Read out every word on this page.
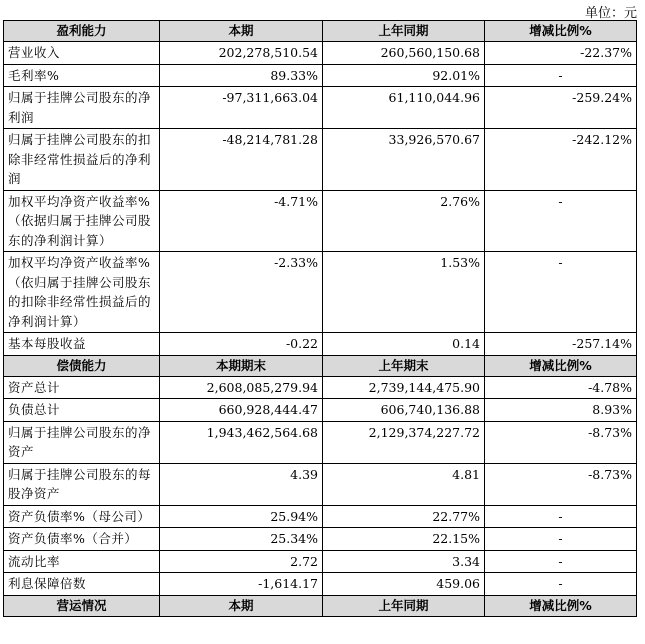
单位：元
盈利能力	本期	上年同期	增减比例%
营业收入	202,278,510.54	260,560,150.68	-22.37%
毛利率%	89.33%	92.01%	-
归属于挂牌公司股东的净利润	-97,311,663.04	61,110,044.96	-259.24%
归属于挂牌公司股东的扣除非经常性损益后的净利润	-48,214,781.28	33,926,570.67	-242.12%
加权平均净资产收益率%（依据归属于挂牌公司股东的净利润计算）	-4.71%	2.76%	-
加权平均净资产收益率%（依归属于挂牌公司股东的扣除非经常性损益后的净利润计算）	-2.33%	1.53%	-
基本每股收益	-0.22	0.14	-257.14%
偿债能力	本期期末	上年期末	增减比例%
资产总计	2,608,085,279.94	2,739,144,475.90	-4.78%
负债总计	660,928,444.47	606,740,136.88	8.93%
归属于挂牌公司股东的净资产	1,943,462,564.68	2,129,374,227.72	-8.73%
归属于挂牌公司股东的每股净资产	4.39	4.81	-8.73%
资产负债率%（母公司）	25.94%	22.77%	-
资产负债率%（合并）	25.34%	22.15%	-
流动比率	2.72	3.34	-
利息保障倍数	-1,614.17	459.06	-
营运情况	本期	上年同期	增减比例%
